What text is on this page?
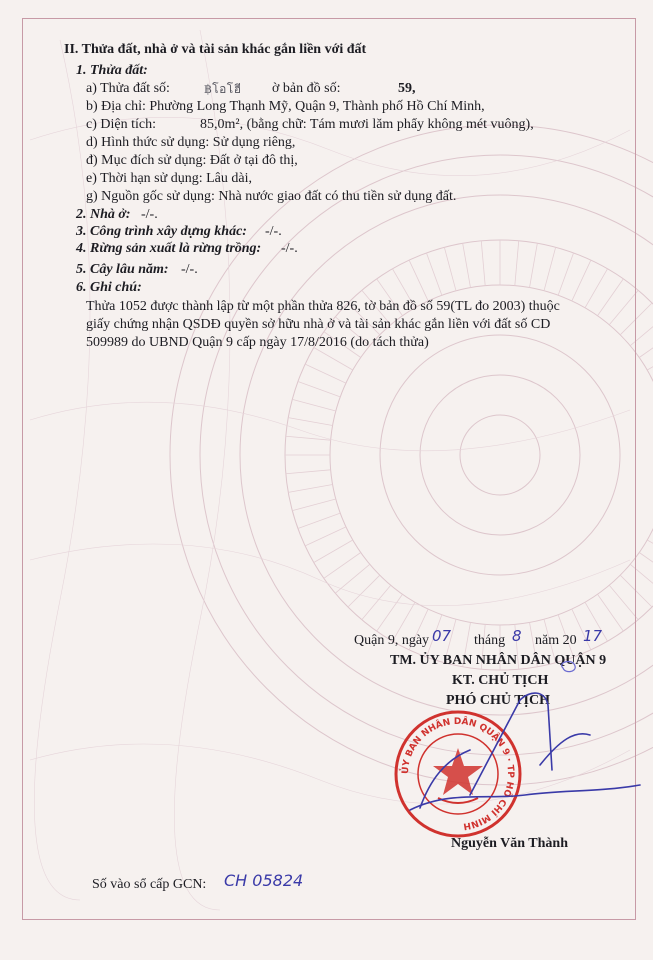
II. Thửa đất, nhà ở và tài sản khác gắn liền với đất
1. Thửa đất:
a) Thửa đất số:	฿โอโฮี ờ bản đồ số:	59,
b) Địa chỉ: Phường Long Thạnh Mỹ, Quận 9, Thành phố Hồ Chí Minh,
c) Diện tích:	85,0m², (bằng chữ: Tám mươi lăm phẩy không mét vuông),
d) Hình thức sử dụng: Sử dụng riêng,
đ) Mục đích sử dụng: Đất ở tại đô thị,
e) Thời hạn sử dụng: Lâu dài,
g) Nguồn gốc sử dụng: Nhà nước giao đất có thu tiền sử dụng đất.
2. Nhà ở: -/-.
3. Công trình xây dựng khác: -/-.
4. Rừng sản xuất là rừng trồng: -/-.
5. Cây lâu năm: -/-.
6. Ghi chú:
Thửa 1052 được thành lập từ một phần thửa 826, tờ bản đồ số 59(TL đo 2003) thuộc
giấy chứng nhận QSDĐ quyền sở hữu nhà ở và tài sản khác gắn liền với đất số CD
509989 do UBND Quận 9 cấp ngày 17/8/2016 (do tách thửa)
Quận 9, ngày 07 tháng 8 năm 20 17
TM. ỦY BAN NHÂN DÂN QUẬN 9
KT. CHỦ TỊCH
PHÓ CHỦ TỊCH
ỦY BAN NHÂN DÂN QUẬN 9 · TP HỒ CHÍ MINH
Nguyễn Văn Thành
Số vào sổ cấp GCN: CH 05824
